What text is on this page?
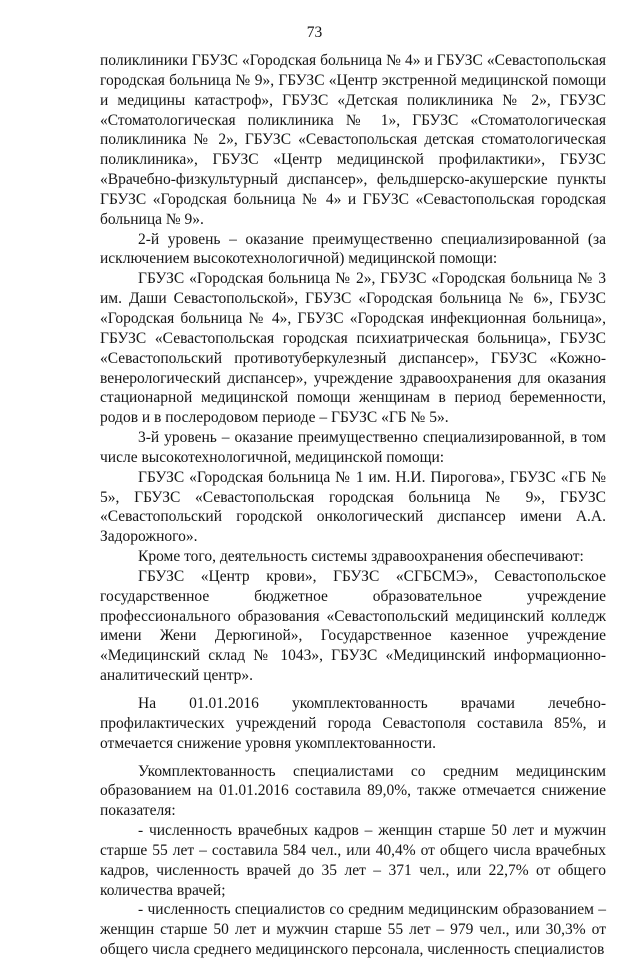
73

поликлиники ГБУЗС «Городская больница № 4» и ГБУЗС «Севастопольская городская больница № 9», ГБУЗС «Центр экстренной медицинской помощи и медицины катастроф», ГБУЗС «Детская поликлиника № 2», ГБУЗС «Стоматологическая поликлиника № 1», ГБУЗС «Стоматологическая поликлиника № 2», ГБУЗС «Севастопольская детская стоматологическая поликлиника», ГБУЗС «Центр медицинской профилактики», ГБУЗС «Врачебно-физкультурный диспансер», фельдшерско-акушерские пункты ГБУЗС «Городская больница № 4» и ГБУЗС «Севастопольская городская больница № 9».

2-й уровень – оказание преимущественно специализированной (за исключением высокотехнологичной) медицинской помощи:

ГБУЗС «Городская больница № 2», ГБУЗС «Городская больница № 3 им. Даши Севастопольской», ГБУЗС «Городская больница № 6», ГБУЗС «Городская больница № 4», ГБУЗС «Городская инфекционная больница», ГБУЗС «Севастопольская городская психиатрическая больница», ГБУЗС «Севастопольский противотуберкулезный диспансер», ГБУЗС «Кожно-венерологический диспансер», учреждение здравоохранения для оказания стационарной медицинской помощи женщинам в период беременности, родов и в послеродовом периоде – ГБУЗС «ГБ № 5».

3-й уровень – оказание преимущественно специализированной, в том числе высокотехнологичной, медицинской помощи:

ГБУЗС «Городская больница № 1 им. Н.И. Пирогова», ГБУЗС «ГБ № 5», ГБУЗС «Севастопольская городская больница № 9», ГБУЗС «Севастопольский городской онкологический диспансер имени А.А. Задорожного».

Кроме того, деятельность системы здравоохранения обеспечивают:

ГБУЗС «Центр крови», ГБУЗС «СГБСМЭ», Севастопольское государственное бюджетное образовательное учреждение профессионального образования «Севастопольский медицинский колледж имени Жени Дерюгиной», Государственное казенное учреждение «Медицинский склад № 1043», ГБУЗС «Медицинский информационно-аналитический центр».

На 01.01.2016 укомплектованность врачами лечебно-профилактических учреждений города Севастополя составила 85%, и отмечается снижение уровня укомплектованности.

Укомплектованность специалистами со средним медицинским образованием на 01.01.2016 составила 89,0%, также отмечается снижение показателя:

- численность врачебных кадров – женщин старше 50 лет и мужчин старше 55 лет – составила 584 чел., или 40,4% от общего числа врачебных кадров, численность врачей до 35 лет – 371 чел., или 22,7% от общего количества врачей;

- численность специалистов со средним медицинским образованием – женщин старше 50 лет и мужчин старше 55 лет – 979 чел., или 30,3% от общего числа среднего медицинского персонала, численность специалистов
